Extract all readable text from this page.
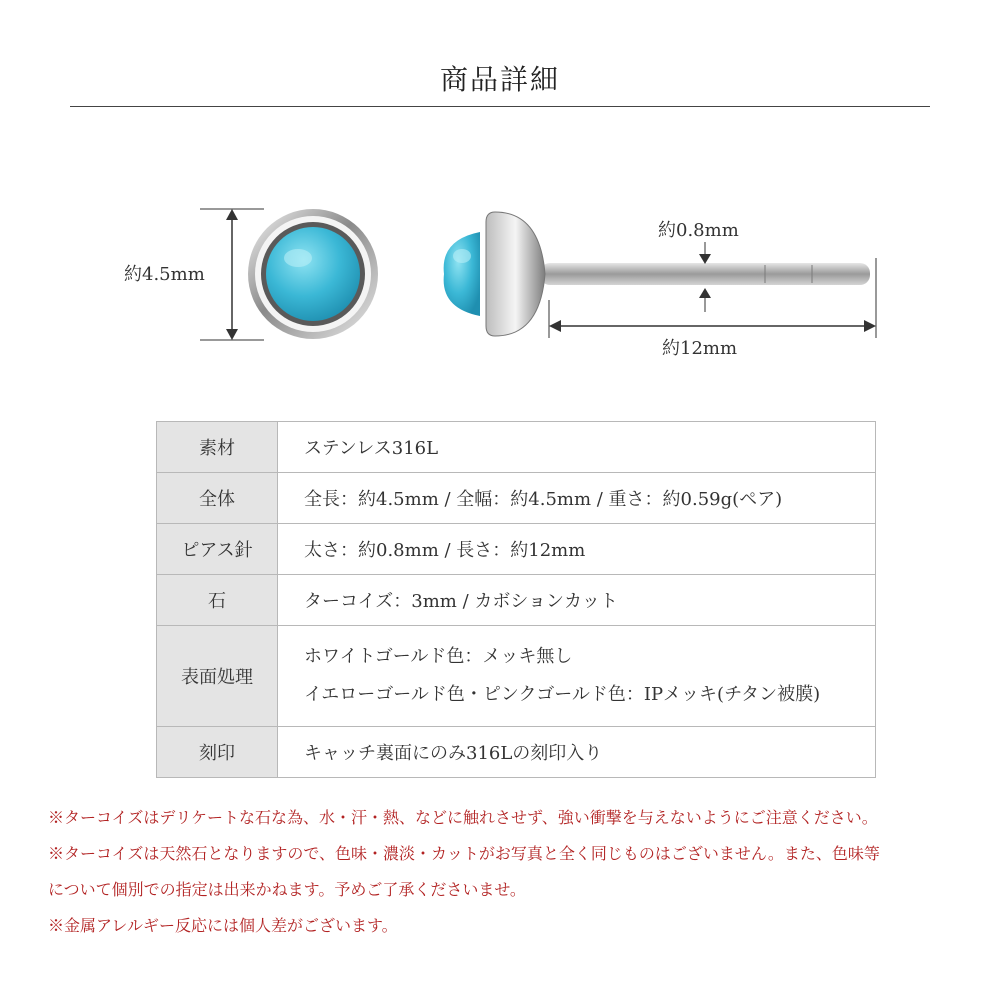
商品詳細
約4.5mm
約0.8mm
約12mm
素材	ステンレス316L
全体	全長：約4.5mm / 全幅：約4.5mm / 重さ：約0.59g(ペア)
ピアス針	太さ：約0.8mm / 長さ：約12mm
石	ターコイズ：3mm / カボションカット
表面処理	ホワイトゴールド色：メッキ無し
イエローゴールド色・ピンクゴールド色：IPメッキ(チタン被膜)

刻印	キャッチ裏面にのみ316Lの刻印入り

※ターコイズはデリケートな石な為、水・汗・熱、などに触れさせず、強い衝撃を与えないようにご注意ください。

※ターコイズは天然石となりますので、色味・濃淡・カットがお写真と全く同じものはございません。また、色味等

について個別での指定は出来かねます。予めご了承くださいませ。

※金属アレルギー反応には個人差がございます。
